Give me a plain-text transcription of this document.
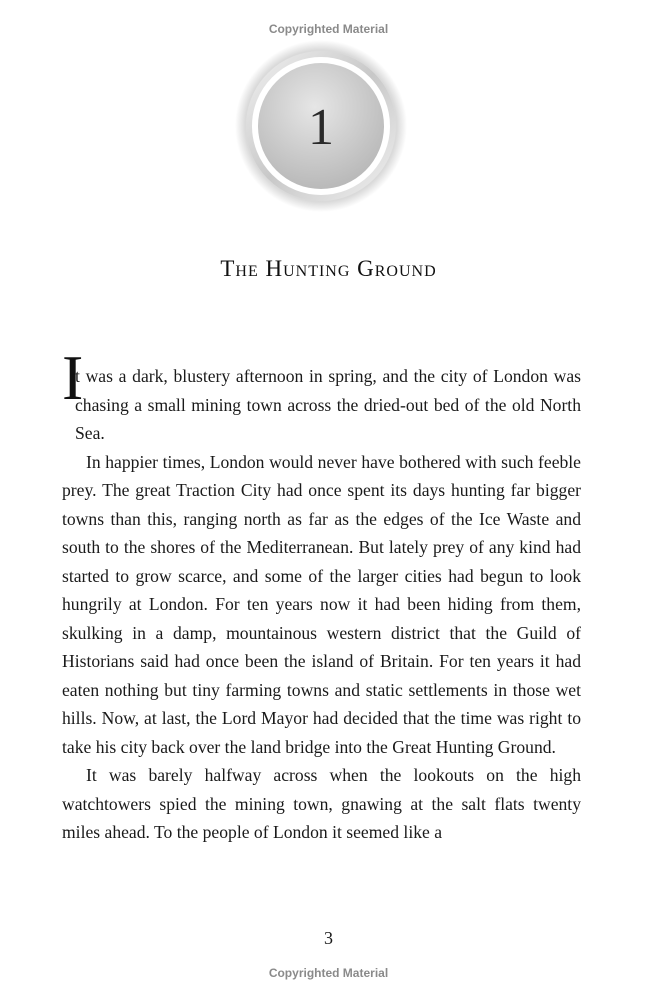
Copyrighted Material
1
The Hunting Ground

I
t was a dark, blustery afternoon in spring, and the city of London was chasing a small mining town across the dried-out bed of the old North Sea.

In happier times, London would never have bothered with such feeble prey. The great Traction City had once spent its days hunting far bigger towns than this, ranging north as far as the edges of the Ice Waste and south to the shores of the Mediterranean. But lately prey of any kind had started to grow scarce, and some of the larger cities had begun to look hungrily at London. For ten years now it had been hiding from them, skulking in a damp, mountainous western district that the Guild of Historians said had once been the island of Britain. For ten years it had eaten nothing but tiny farming towns and static settlements in those wet hills. Now, at last, the Lord Mayor had decided that the time was right to take his city back over the land bridge into the Great Hunting Ground.

It was barely halfway across when the lookouts on the high watchtowers spied the mining town, gnawing at the salt flats twenty miles ahead. To the people of London it seemed like a

3
Copyrighted Material
